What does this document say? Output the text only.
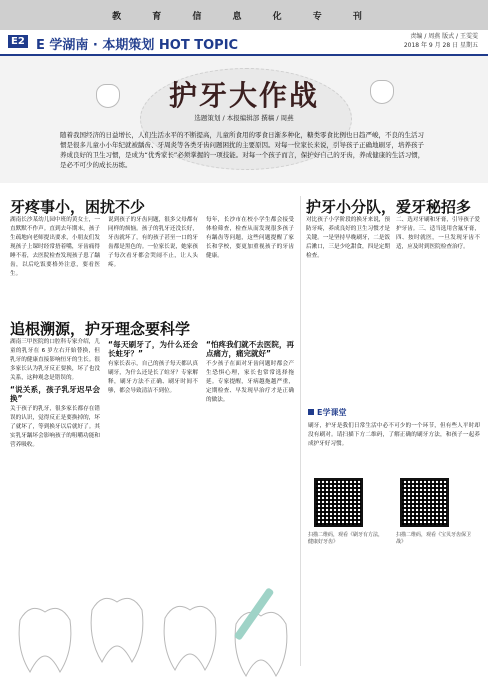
教 育 信 息 化 专 刊
E2 E 学湖南 · 本期策划 HOT TOPIC
责编 / 周燕 版式 / 王雯雯
2018 年 9 月 28 日 星期五
护牙大作战
选题策划 / 本报编辑部 撰稿 / 周燕
随着我国经济的日益增长，人们生活水平的不断提高，儿童所食用的零食日渐多种化，糖类零食比例也日趋严峻，不良的生活习惯是很多儿童小小年纪就被龋齿、牙周炎等各类牙齿问题困扰的主要原因。对每一位家长来说，引导孩子正确地刷牙，培养孩子养成良好的卫生习惯，是成为“优秀家长”必须掌握的一项技能。对每一个孩子而言，保护好自己的牙齿，养成健康的生活习惯，是必不可少的成长历练。
牙疼事小，困扰不少
湖南长沙某幼儿园中班的黄女士，一直默默不作声。直到去年期末，孩子生疏地向老师提出要求，小朋友们发现孩子上课时经常捂着嘴，牙齿痛得睡不着，去医院检查发现孩子患了龋齿，以后吃饭要格外注意，要看医生。
说到孩子的牙齿问题，很多父母都有同样的烦恼。孩子的乳牙还没长好，牙齿就坏了，有的孩子甚至一口的牙齿都是黑色的。一位家长说，她家孩子每次看牙都会哭闹不止，让人头疼。
每年，长沙市在校小学生都会接受体检筛查，检查从而发现很多孩子有龋齿等问题，这些问题提醒了家长和学校，要更加重视孩子的牙齿健康。
护牙小分队，爱牙秘招多
对比孩子小学阶段的换牙来说，预防牙疼，养成良好的卫生习惯才是关键。一是坚持早晚刷牙，二是饭后漱口，三是少吃甜食，四是定期检查。
二、选对牙刷和牙膏，引导孩子爱护牙齿。三、适当选用含氟牙膏，四、按时就医，一旦发现牙齿不适，应及时到医院检查治疗。
追根溯源，护牙理念要科学
湖南三甲医院的口腔科专家介绍，儿童的乳牙在 6 岁左右开始替换，但乳牙的健康直接影响恒牙的生长。很多家长认为乳牙反正要换，坏了也没关系，这种观念是错误的。
“说关系，孩子乳牙迟早会换”
关于孩子的乳牙，很多家长都存在错误的认识，觉得反正是要换掉的，坏了就坏了，等到换牙以后就好了。其实乳牙龋坏会影响孩子的咀嚼功能和营养吸收。
“每天刷牙了，为什么还会长蛀牙？”
有家长表示，自己的孩子每天都认真刷牙，为什么还是长了蛀牙？专家解释，刷牙方法不正确、刷牙时间不够，都会导致清洁不到位。
“怕疼我们就不去医院，再点痛方，痛完就好”
不少孩子在面对牙齿问题时都会产生恐惧心理，家长也常常选择拖延。专家提醒，牙病越拖越严重，定期检查、早发现早治疗才是正确的做法。
E学课堂
刷牙，护牙是我们日常生活中必不可少的一个环节，但有些人平时却没有刷对。请扫描下方二维码，了解正确的刷牙方法，和孩子一起养成护牙好习惯。
扫描二维码，观看《刷牙有方法，健康好牙齿》
扫描二维码，观看《宝贝牙齿保卫战》
